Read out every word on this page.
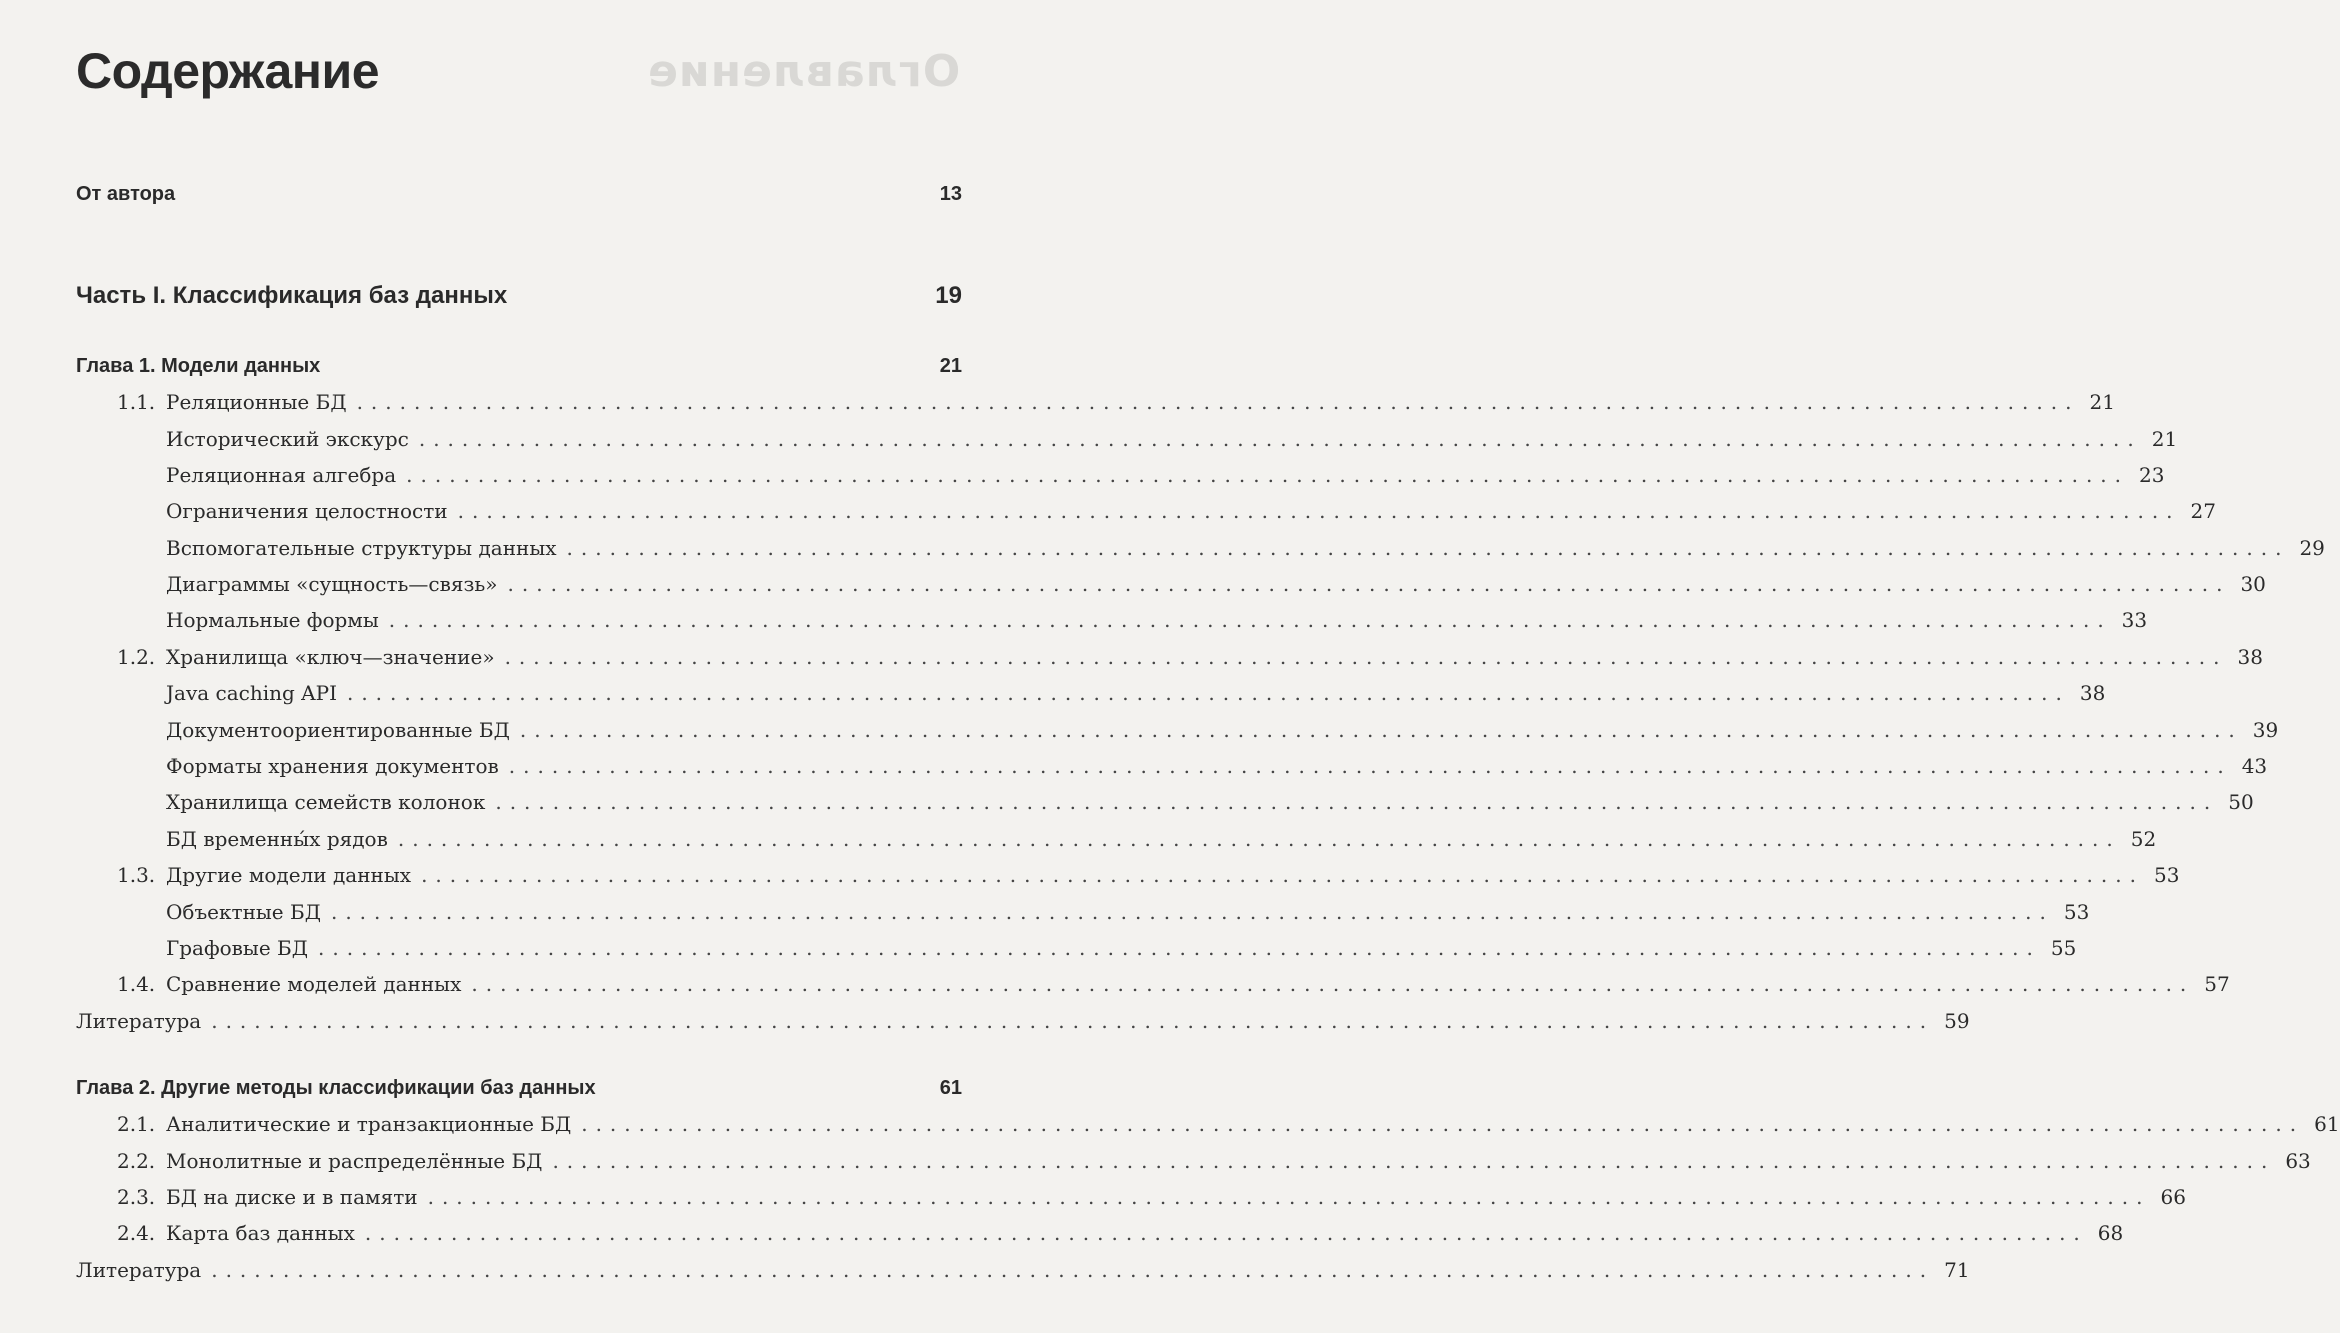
Оглавление
Содержание
От автора	13
Часть I. Классификация баз данных	19
Глава 1. Модели данных	21
1.1. Реляционные БД ........................................................................................................................ 21
Исторический экскурс ........................................................................................................................ 21
Реляционная алгебра ........................................................................................................................ 23
Ограничения целостности ........................................................................................................................ 27
Вспомогательные структуры данных ........................................................................................................................ 29
Диаграммы «сущность—связь» ........................................................................................................................ 30
Нормальные формы ........................................................................................................................ 33
1.2. Хранилища «ключ—значение» ........................................................................................................................ 38
Java caching API ........................................................................................................................ 38
Документоориентированные БД ........................................................................................................................ 39
Форматы хранения документов ........................................................................................................................ 43
Хранилища семейств колонок ........................................................................................................................ 50
БД временны́х рядов ........................................................................................................................ 52
1.3. Другие модели данных ........................................................................................................................ 53
Объектные БД ........................................................................................................................ 53
Графовые БД ........................................................................................................................ 55
1.4. Сравнение моделей данных ........................................................................................................................ 57
Литература ........................................................................................................................ 59
Глава 2. Другие методы классификации баз данных	61
2.1. Аналитические и транзакционные БД ........................................................................................................................ 61
2.2. Монолитные и распределённые БД ........................................................................................................................ 63
2.3. БД на диске и в памяти ........................................................................................................................ 66
2.4. Карта баз данных ........................................................................................................................ 68
Литература ........................................................................................................................ 71
